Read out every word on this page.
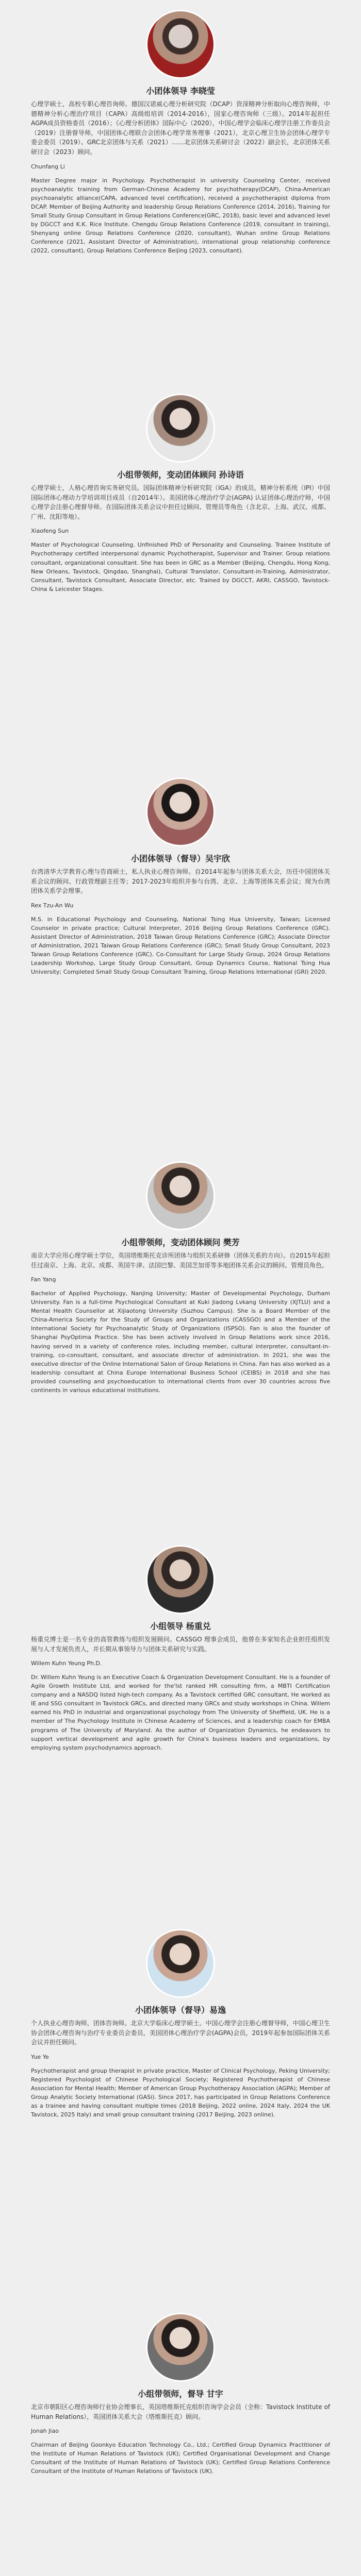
小团体领导 李晓莹

心理学硕士，高校专职心理咨询师。德国汉诺威心理分析研究院（DCAP）资深精神分析取向心理咨询师，中德精神分析心理治疗项目（CAPA）高级组培训（2014-2016），国家心理咨询师（三级）。2014年起担任AGPA成员资格委员（2016）；《心理分析团体》国际中心（2020），中国心理学会临床心理学注册工作委员会（2019）注册督导师，中国团体心理联合会团体心理学常务理事（2021），北京心理卫生协会团体心理学专委会委员（2019）、GRC北京团体与关系（2021）……北京团体关系研讨会（2022）副会长，北京团体关系研讨会（2023）顾问。

Chunfang Li

Master Degree major in Psychology. Psychotherapist in university Counseling Center, received psychoanalytic training from German-Chinese Academy for psychotherapy(DCAP), China-American psychoanalytic alliance(CAPA, advanced level certification), received a psychotherapist diploma from DCAP. Member of Beijing Authority and leadership Group Relations Conference (2014, 2016), Training for Small Study Group Consultant in Group Relations Conference(GRC, 2018), basic level and advanced level by DGCCT and K.K. Rice Institute. Chengdu Group Relations Conference (2019, consultant in training), Shenyang online Group Relations Conference (2020, consultant), Wuhan online Group Relations Conference (2021, Assistant Director of Administration), international group relationship conference (2022, consultant), Group Relations Conference Beijing (2023, consultant).

小组带领师，变动团体顾问 孙诗语

心理学硕士，人格心理咨询实务研究员。国际团体精神分析研究院（IGA）的成员，精神分析系统（IPI）中国国际团体心理动力学培训项目成员（自2014年）。美国团体心理治疗学会(AGPA) 认证团体心理治疗师，中国心理学会注册心理督导师。在国际团体关系会议中担任过顾问、管理员等角色（含北京、上海、武汉、成都、广州、沈阳等地）。

Xiaofeng Sun

Master of Psychological Counseling. Unfinished PhD of Personality and Counseling. Trainee Institute of Psychotherapy certified interpersonal dynamic Psychotherapist, Supervisor and Trainer. Group relations consultant, organizational consultant. She has been in GRC as a Member (Beijing, Chengdu, Hong Kong, New Orleans, Tavistock, Qingdao, Shanghai), Cultural Translator, Consultant-in-Training, Administrator, Consultant, Tavistock Consultant, Associate Director, etc. Trained by DGCCT, AKRI, CASSGO, Tavistock-China & Leicester Stages.

小团体领导（督导）吴宇欣

台湾清华大学教育心理与咨商硕士，私人执业心理咨询师。自2014年起参与团体关系大会，历任中国团体关系会议的顾问、行政管理副主任等；2017-2023年组织并参与台湾、北京、上海等团体关系会议；现为台湾团体关系学会理事。

Rex Tzu-An Wu

M.S. in Educational Psychology and Counseling, National Tsing Hua University, Taiwan; Licensed Counselor in private practice; Cultural Interpreter, 2016 Beijing Group Relations Conference (GRC). Assistant Director of Administration, 2018 Taiwan Group Relations Conference (GRC); Associate Director of Administration, 2021 Taiwan Group Relations Conference (GRC); Small Study Group Consultant, 2023 Taiwan Group Relations Conference (GRC). Co-Consultant for Large Study Group, 2024 Group Relations Leadership Workshop, Large Study Group Consultant, Group Dynamics Course, National Tsing Hua University; Completed Small Study Group Consultant Training, Group Relations International (GRI) 2020.

小组带领师，变动团体顾问 樊芳

南京大学应用心理学硕士学位，英国塔维斯托克诊所团体与组织关系研修（团体关系的方向）。自2015年起担任过南京、上海、北京、成都、英国牛津、法国巴黎、美国芝加哥等多地团体关系会议的顾问、管理员角色。

Fan Yang

Bachelor of Applied Psychology, Nanjing University; Master of Developmental Psychology, Durham University. Fan is a full-time Psychological Consultant at Kuki Jiadong Lvkang University (XJTLU) and a Mental Health Counsellor at Xijiaotong University (Suzhou Campus). She is a Board Member of the China-America Society for the Study of Groups and Organizations (CASSGO) and a Member of the International Society for Psychoanalytic Study of Organizations (ISPSO). Fan is also the founder of Shanghai PsyOptima Practice. She has been actively involved in Group Relations work since 2016, having served in a variety of conference roles, including member, cultural interpreter, consultant-in-training, co-consultant, consultant, and associate director of administration. In 2021, she was the executive director of the Online International Salon of Group Relations in China. Fan has also worked as a leadership consultant at China Europe International Business School (CEIBS) in 2018 and she has provided counselling and psychoeducation to international clients from over 30 countries across five continents in various educational institutions.

小组领导 杨重兑

杨重兑博士是一名专业的高管教练与组织发展顾问。CASSGO 理事会成员，他曾在多家知名企业担任组织发展与人才发展负责人，并长期从事领导力与团体关系研究与实践。

Willem Kuhn Yeung Ph.D.

Dr. Willem Kuhn Yeung is an Executive Coach & Organization Development Consultant. He is a founder of Agile Growth Institute Ltd, and worked for the'lst ranked HR consulting firm, a MBTI Certification company and a NASDQ listed high-tech company. As a Tavistock certified GRC consultant, He worked as IE and SSG consultant in Tavistock GRCs, and directed many GRCs and study workshops in China. Willem earned his PhD in industrial and organizational psychology from The University of Sheffield, UK. He is a member of The Psychology Institute in Chinese Academy of Sciences, and a leadership coach for EMBA programs of The University of Maryland. As the author of Organization Dynamics, he endeavors to support vertical development and agile growth for China's business leaders and organizations, by employing system psychodynamics approach.

小团体领导（督导）易逸

个人执业心理咨询师，团体咨询师。北京大学临床心理学硕士。中国心理学会注册心理督导师，中国心理卫生协会团体心理咨询与治疗专业委员会委员，美国团体心理治疗学会(AGPA)会员，2019年起参加国际团体关系会议并担任顾问。

Yue Ye

Psychotherapist and group therapist in private practice, Master of Clinical Psychology, Peking University; Registered Psychologist of Chinese Psychological Society; Registered Psychotherapist of Chinese Association for Mental Health; Member of American Group Psychotherapy Association (AGPA); Member of Group Analytic Society International (GASi). Since 2017, has participated in Group Relations Conference as a trainee and having consultant multiple times (2018 Beijing, 2022 online, 2024 Italy, 2024 the UK Tavistock, 2025 Italy) and small group consultant training (2017 Beijing, 2023 online).

小组带领师，督导 甘宇

北京市朝阳区心理咨询师行业协会理事长，英国塔维斯托克组织咨询学会会员（全称：Tavistock Institute of Human Relations），英国团体关系大会（塔维斯托克）顾问。

Jonah Jiao

Chairman of Beijing Goonkyo Education Technology Co., Ltd.; Certified Group Dynamics Practitioner of the Institute of Human Relations of Tavistock (UK); Certified Organisational Development and Change Consultant of the Institute of Human Relations of Tavistock (UK); Certified Group Relations Conference Consultant of the Institute of Human Relations of Tavistock (UK).
